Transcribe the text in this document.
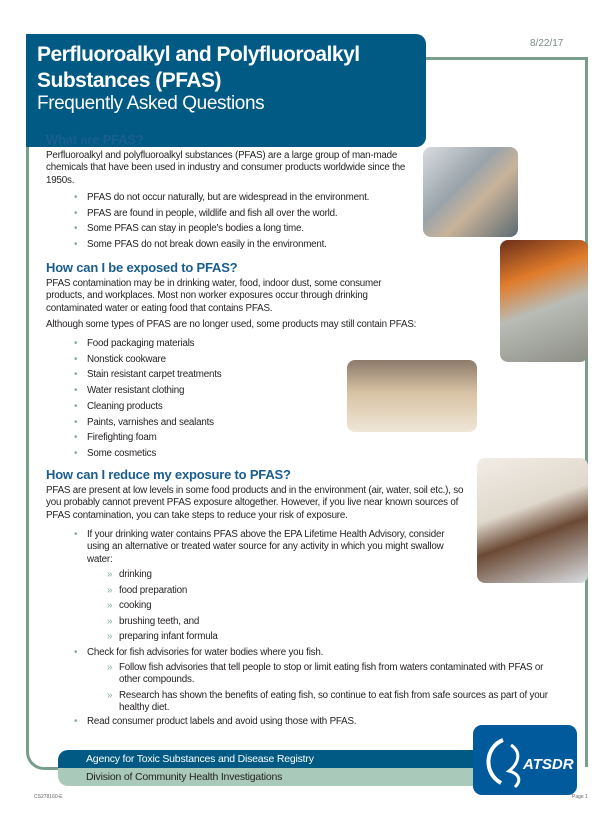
Perfluoroalkyl and Polyfluoroalkyl Substances (PFAS)
Frequently Asked Questions
8/22/17
What are PFAS?
Perfluoroalkyl and polyfluoroalkyl substances (PFAS) are a large group of man-made chemicals that have been used in industry and consumer products worldwide since the 1950s.
• PFAS do not occur naturally, but are widespread in the environment.
• PFAS are found in people, wildlife and fish all over the world.
• Some PFAS can stay in people's bodies a long time.
• Some PFAS do not break down easily in the environment.
How can I be exposed to PFAS?
PFAS contamination may be in drinking water, food, indoor dust, some consumer products, and workplaces. Most non worker exposures occur through drinking contaminated water or eating food that contains PFAS.
Although some types of PFAS are no longer used, some products may still contain PFAS:
• Food packaging materials
• Nonstick cookware
• Stain resistant carpet treatments
• Water resistant clothing
• Cleaning products
• Paints, varnishes and sealants
• Firefighting foam
• Some cosmetics
How can I reduce my exposure to PFAS?
PFAS are present at low levels in some food products and in the environment (air, water, soil etc.), so you probably cannot prevent PFAS exposure altogether. However, if you live near known sources of PFAS contamination, you can take steps to reduce your risk of exposure.
• If your drinking water contains PFAS above the EPA Lifetime Health Advisory, consider using an alternative or treated water source for any activity in which you might swallow water:
» drinking
» food preparation
» cooking
» brushing teeth, and
» preparing infant formula
• Check for fish advisories for water bodies where you fish.
» Follow fish advisories that tell people to stop or limit eating fish from waters contaminated with PFAS or other compounds.
» Research has shown the benefits of eating fish, so continue to eat fish from safe sources as part of your healthy diet.
• Read consumer product labels and avoid using those with PFAS.
Agency for Toxic Substances and Disease Registry
Division of Community Health Investigations
ATSDR
CS278160-E	Page 1
